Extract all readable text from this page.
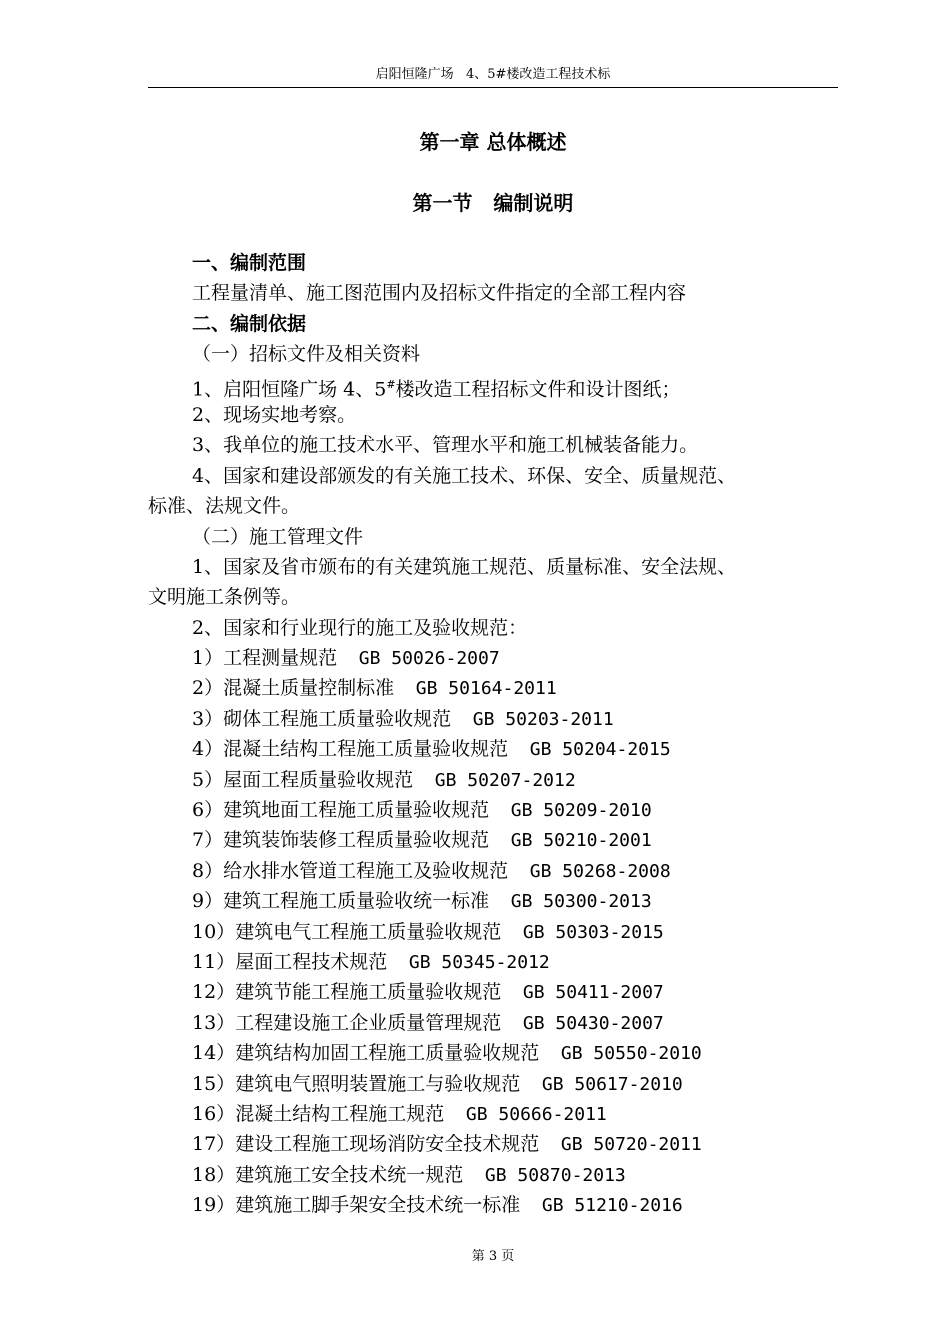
启阳恒隆广场   4、5#楼改造工程技术标
第一章 总体概述
第一节   编制说明
一、编制范围
工程量清单、施工图范围内及招标文件指定的全部工程内容
二、编制依据
（一）招标文件及相关资料
1、启阳恒隆广场 4、5#楼改造工程招标文件和设计图纸；
2、现场实地考察。
3、我单位的施工技术水平、管理水平和施工机械装备能力。
4、国家和建设部颁发的有关施工技术、环保、安全、质量规范、
标准、法规文件。
（二）施工管理文件
1、国家及省市颁布的有关建筑施工规范、质量标准、安全法规、
文明施工条例等。
2、国家和行业现行的施工及验收规范：
1）工程测量规范 GB 50026-2007
2）混凝土质量控制标准 GB 50164-2011
3）砌体工程施工质量验收规范 GB 50203-2011
4）混凝土结构工程施工质量验收规范 GB 50204-2015
5）屋面工程质量验收规范 GB 50207-2012
6）建筑地面工程施工质量验收规范 GB 50209-2010
7）建筑装饰装修工程质量验收规范 GB 50210-2001
8）给水排水管道工程施工及验收规范 GB 50268-2008
9）建筑工程施工质量验收统一标准 GB 50300-2013
10）建筑电气工程施工质量验收规范 GB 50303-2015
11）屋面工程技术规范 GB 50345-2012
12）建筑节能工程施工质量验收规范 GB 50411-2007
13）工程建设施工企业质量管理规范 GB 50430-2007
14）建筑结构加固工程施工质量验收规范 GB 50550-2010
15）建筑电气照明装置施工与验收规范 GB 50617-2010
16）混凝土结构工程施工规范 GB 50666-2011
17）建设工程施工现场消防安全技术规范 GB 50720-2011
18）建筑施工安全技术统一规范 GB 50870-2013
19）建筑施工脚手架安全技术统一标准 GB 51210-2016
第 3 页
